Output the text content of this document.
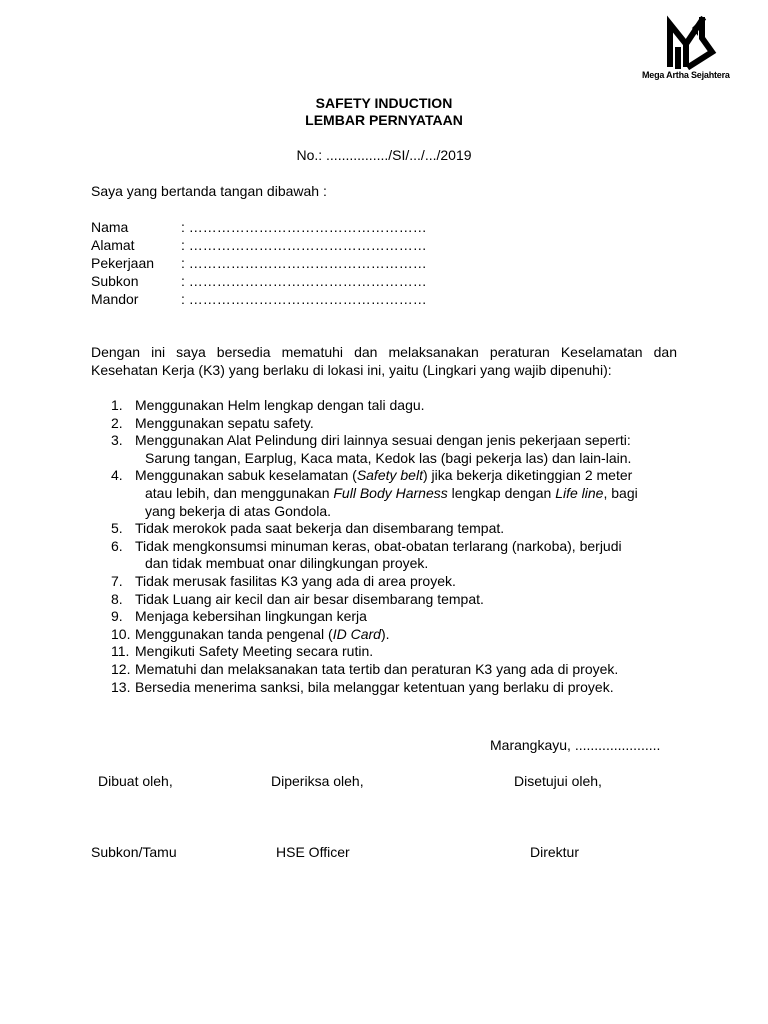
Mega Artha Sejahtera
SAFETY INDUCTION
LEMBAR PERNYATAAN
No.: ................/SI/.../.../2019
Saya yang bertanda tangan dibawah :
Nama	: ……………………………………………
Alamat	: ……………………………………………
Pekerjaan	: ……………………………………………
Subkon	: ……………………………………………
Mandor	: ……………………………………………
Dengan ini saya bersedia mematuhi dan melaksanakan peraturan Keselamatan dan Kesehatan Kerja (K3) yang berlaku di lokasi ini, yaitu (Lingkari yang wajib dipenuhi):
1. Menggunakan Helm lengkap dengan tali dagu.
2. Menggunakan sepatu safety.
3. Menggunakan Alat Pelindung diri lainnya sesuai dengan jenis pekerjaan seperti:
Sarung tangan, Earplug, Kaca mata, Kedok las (bagi pekerja las) dan lain-lain.
4. Menggunakan sabuk keselamatan (Safety belt) jika bekerja diketinggian 2 meter
atau lebih, dan menggunakan Full Body Harness lengkap dengan Life line, bagi
yang bekerja di atas Gondola.
5. Tidak merokok pada saat bekerja dan disembarang tempat.
6. Tidak mengkonsumsi minuman keras, obat-obatan terlarang (narkoba), berjudi
dan tidak membuat onar dilingkungan proyek.
7. Tidak merusak fasilitas K3 yang ada di area proyek.
8. Tidak Luang air kecil dan air besar disembarang tempat.
9. Menjaga kebersihan lingkungan kerja
10. Menggunakan tanda pengenal (ID Card).
11. Mengikuti Safety Meeting secara rutin.
12. Mematuhi dan melaksanakan tata tertib dan peraturan K3 yang ada di proyek.
13. Bersedia menerima sanksi, bila melanggar ketentuan yang berlaku di proyek.
Marangkayu, ......................
Dibuat oleh,	Diperiksa oleh,	Disetujui oleh,
Subkon/Tamu	HSE Officer	Direktur
